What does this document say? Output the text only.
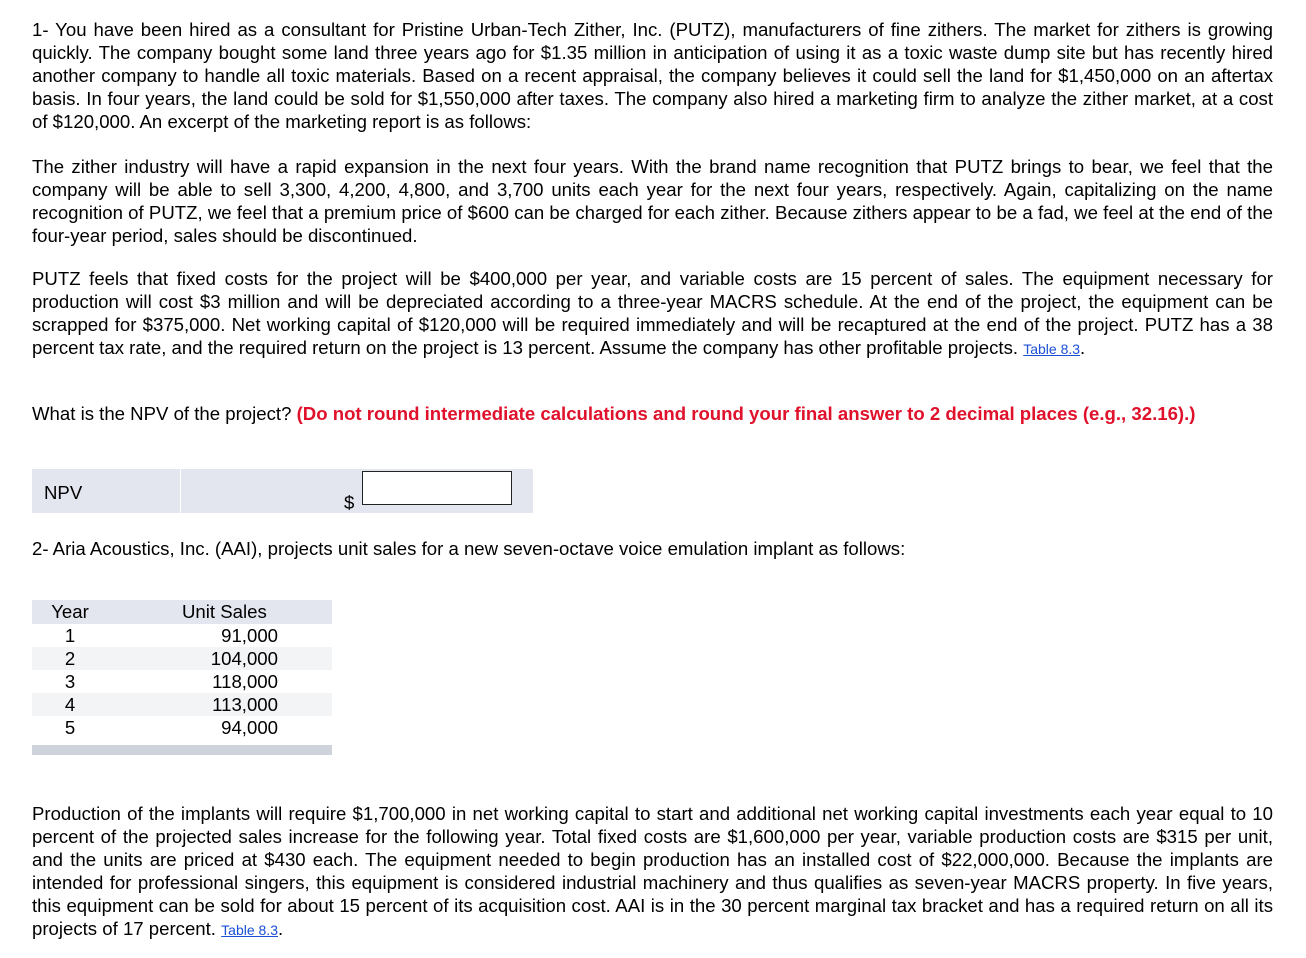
1- You have been hired as a consultant for Pristine Urban-Tech Zither, Inc. (PUTZ), manufacturers of fine zithers. The market for zithers is growing quickly. The company bought some land three years ago for $1.35 million in anticipation of using it as a toxic waste dump site but has recently hired another company to handle all toxic materials. Based on a recent appraisal, the company believes it could sell the land for $1,450,000 on an aftertax basis. In four years, the land could be sold for $1,550,000 after taxes. The company also hired a marketing firm to analyze the zither market, at a cost of $120,000. An excerpt of the marketing report is as follows:

The zither industry will have a rapid expansion in the next four years. With the brand name recognition that PUTZ brings to bear, we feel that the company will be able to sell 3,300, 4,200, 4,800, and 3,700 units each year for the next four years, respectively. Again, capitalizing on the name recognition of PUTZ, we feel that a premium price of $600 can be charged for each zither. Because zithers appear to be a fad, we feel at the end of the four-year period, sales should be discontinued.

PUTZ feels that fixed costs for the project will be $400,000 per year, and variable costs are 15 percent of sales. The equipment necessary for production will cost $3 million and will be depreciated according to a three-year MACRS schedule. At the end of the project, the equipment can be scrapped for $375,000. Net working capital of $120,000 will be required immediately and will be recaptured at the end of the project. PUTZ has a 38 percent tax rate, and the required return on the project is 13 percent. Assume the company has other profitable projects. Table 8.3.

What is the NPV of the project? (Do not round intermediate calculations and round your final answer to 2 decimal places (e.g., 32.16).)

NPV	$

2- Aria Acoustics, Inc. (AAI), projects unit sales for a new seven-octave voice emulation implant as follows:

Year	Unit Sales
1	91,000
2	104,000
3	118,000
4	113,000
5	94,000

Production of the implants will require $1,700,000 in net working capital to start and additional net working capital investments each year equal to 10 percent of the projected sales increase for the following year. Total fixed costs are $1,600,000 per year, variable production costs are $315 per unit, and the units are priced at $430 each. The equipment needed to begin production has an installed cost of $22,000,000. Because the implants are intended for professional singers, this equipment is considered industrial machinery and thus qualifies as seven-year MACRS property. In five years, this equipment can be sold for about 15 percent of its acquisition cost. AAI is in the 30 percent marginal tax bracket and has a required return on all its projects of 17 percent. Table 8.3.
